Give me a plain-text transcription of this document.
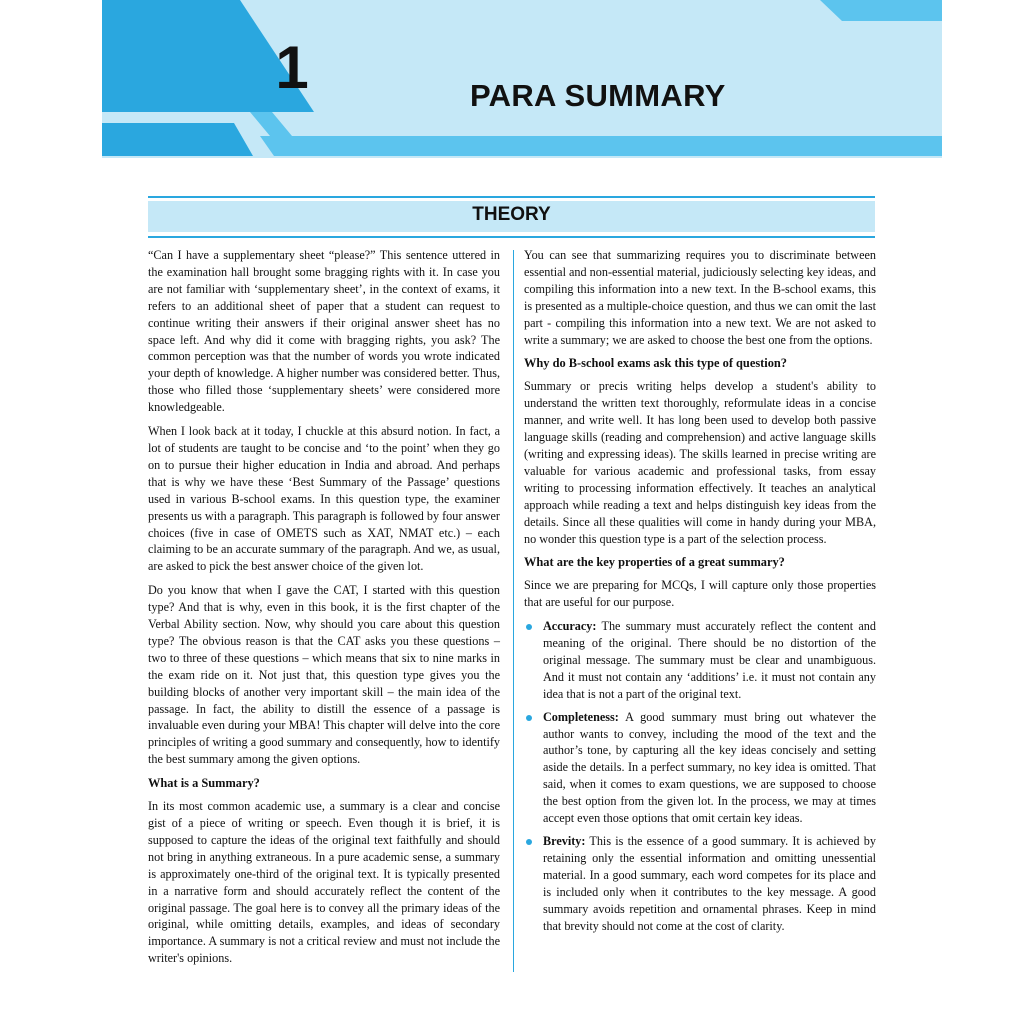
1	PARA SUMMARY
THEORY

“Can I have a supplementary sheet “please?” This sentence uttered in the examination hall brought some bragging rights with it. In case you are not familiar with ‘supplementary sheet’, in the context of exams, it refers to an additional sheet of paper that a student can request to continue writing their answers if their original answer sheet has no space left. And why did it come with bragging rights, you ask? The common perception was that the number of words you wrote indicated your depth of knowledge. A higher number was considered better. Thus, those who filled those ‘supplementary sheets’ were considered more knowledgeable.

When I look back at it today, I chuckle at this absurd notion. In fact, a lot of students are taught to be concise and ‘to the point’ when they go on to pursue their higher education in India and abroad. And perhaps that is why we have these ‘Best Summary of the Passage’ questions used in various B-school exams. In this question type, the examiner presents us with a paragraph. This paragraph is followed by four answer choices (five in case of OMETS such as XAT, NMAT etc.) – each claiming to be an accurate summary of the paragraph. And we, as usual, are asked to pick the best answer choice of the given lot.

Do you know that when I gave the CAT, I started with this question type? And that is why, even in this book, it is the first chapter of the Verbal Ability section. Now, why should you care about this question type? The obvious reason is that the CAT asks you these questions – two to three of these questions – which means that six to nine marks in the exam ride on it. Not just that, this question type gives you the building blocks of another very important skill – the main idea of the passage. In fact, the ability to distill the essence of a passage is invaluable even during your MBA! This chapter will delve into the core principles of writing a good summary and consequently, how to identify the best summary among the given options.

What is a Summary?

In its most common academic use, a summary is a clear and concise gist of a piece of writing or speech. Even though it is brief, it is supposed to capture the ideas of the original text faithfully and should not bring in anything extraneous. In a pure academic sense, a summary is approximately one-third of the original text. It is typically presented in a narrative form and should accurately reflect the content of the original passage. The goal here is to convey all the primary ideas of the original, while omitting details, examples, and ideas of secondary importance. A summary is not a critical review and must not include the writer's opinions.

You can see that summarizing requires you to discriminate between essential and non-essential material, judiciously selecting key ideas, and compiling this information into a new text. In the B-school exams, this is presented as a multiple-choice question, and thus we can omit the last part - compiling this information into a new text. We are not asked to write a summary; we are asked to choose the best one from the options.

Why do B-school exams ask this type of question?

Summary or precis writing helps develop a student's ability to understand the written text thoroughly, reformulate ideas in a concise manner, and write well. It has long been used to develop both passive language skills (reading and comprehension) and active language skills (writing and expressing ideas). The skills learned in precise writing are valuable for various academic and professional tasks, from essay writing to processing information effectively. It teaches an analytical approach while reading a text and helps distinguish key ideas from the details. Since all these qualities will come in handy during your MBA, no wonder this question type is a part of the selection process.

What are the key properties of a great summary?

Since we are preparing for MCQs, I will capture only those properties that are useful for our purpose.

Accuracy: The summary must accurately reflect the content and meaning of the original. There should be no distortion of the original message. The summary must be clear and unambiguous. And it must not contain any ‘additions’ i.e. it must not contain any idea that is not a part of the original text.
Completeness: A good summary must bring out whatever the author wants to convey, including the mood of the text and the author’s tone, by capturing all the key ideas concisely and setting aside the details. In a perfect summary, no key idea is omitted. That said, when it comes to exam questions, we are supposed to choose the best option from the given lot. In the process, we may at times accept even those options that omit certain key ideas.
Brevity: This is the essence of a good summary. It is achieved by retaining only the essential information and omitting unessential material. In a good summary, each word competes for its place and is included only when it contributes to the key message. A good summary avoids repetition and ornamental phrases. Keep in mind that brevity should not come at the cost of clarity.
